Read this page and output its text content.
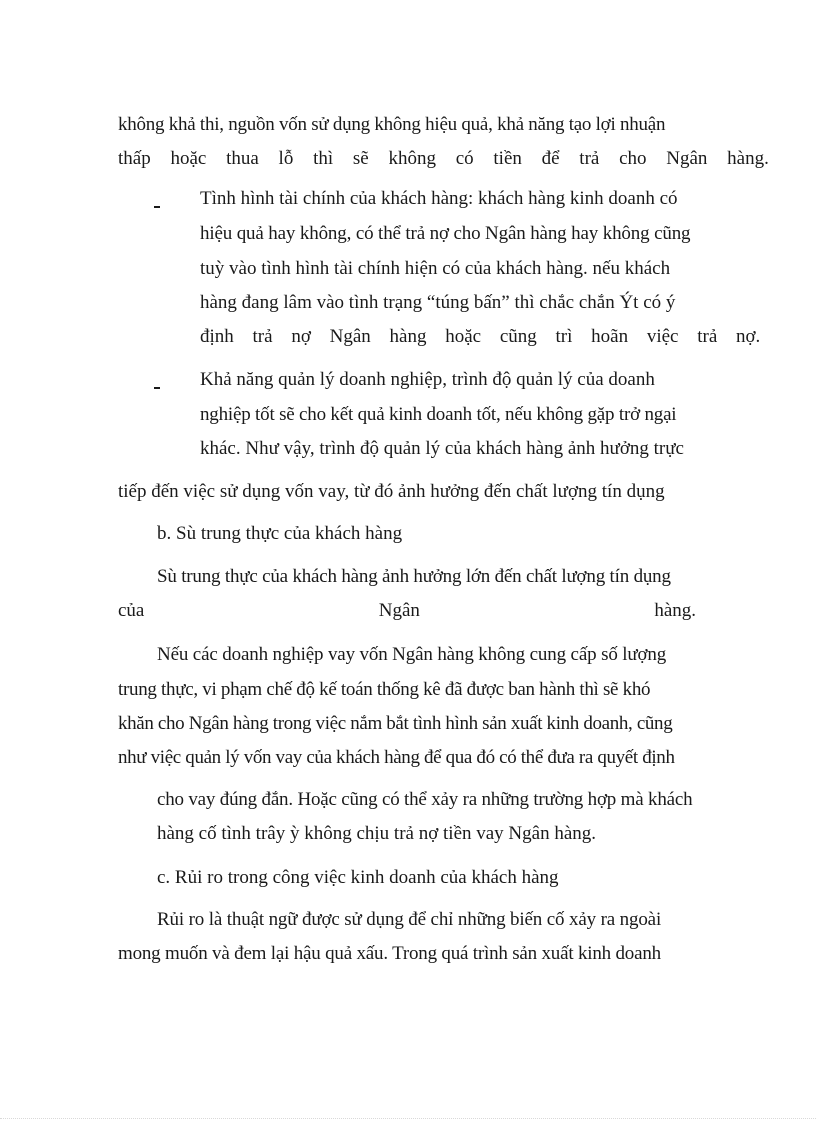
không khả thi, nguồn vốn sử dụng không hiệu quả, khả năng tạo lợi nhuận
thấp hoặc thua lỗ thì sẽ không có tiền để trả cho Ngân hàng.
Tình hình tài chính của khách hàng: khách hàng kinh doanh có
hiệu quả hay không, có thể trả nợ cho Ngân hàng hay không cũng
tuỳ vào tình hình tài chính hiện có của khách hàng. nếu khách
hàng đang lâm vào tình trạng “túng bấn” thì chắc chắn Ýt có ý
định trả nợ Ngân hàng hoặc cũng trì hoãn việc trả nợ.
Khả năng quản lý doanh nghiệp, trình độ quản lý của doanh
nghiệp tốt sẽ cho kết quả kinh doanh tốt, nếu không gặp trở ngại
khác. Như vậy, trình độ quản lý của khách hàng ảnh hưởng trực
tiếp đến việc sử dụng vốn vay, từ đó ảnh hưởng đến chất lượng tín dụng
b. Sù trung thực của khách hàng
Sù trung thực của khách hàng ảnh hưởng lớn đến chất lượng tín dụng
của	Ngân	hàng.
Nếu các doanh nghiệp vay vốn Ngân hàng không cung cấp số lượng
trung thực, vi phạm chế độ kế toán thống kê đã được ban hành thì sẽ khó
khăn cho Ngân hàng trong việc nắm bắt tình hình sản xuất kinh doanh, cũng
như việc quản lý vốn vay của khách hàng để qua đó có thể đưa ra quyết định
cho vay đúng đắn. Hoặc cũng có thể xảy ra những trường hợp mà khách
hàng cố tình trây ỳ không chịu trả nợ tiền vay Ngân hàng.
c. Rủi ro trong công việc kinh doanh của khách hàng
Rủi ro là thuật ngữ được sử dụng để chỉ những biến cố xảy ra ngoài
mong muốn và đem lại hậu quả xấu. Trong quá trình sản xuất kinh doanh
